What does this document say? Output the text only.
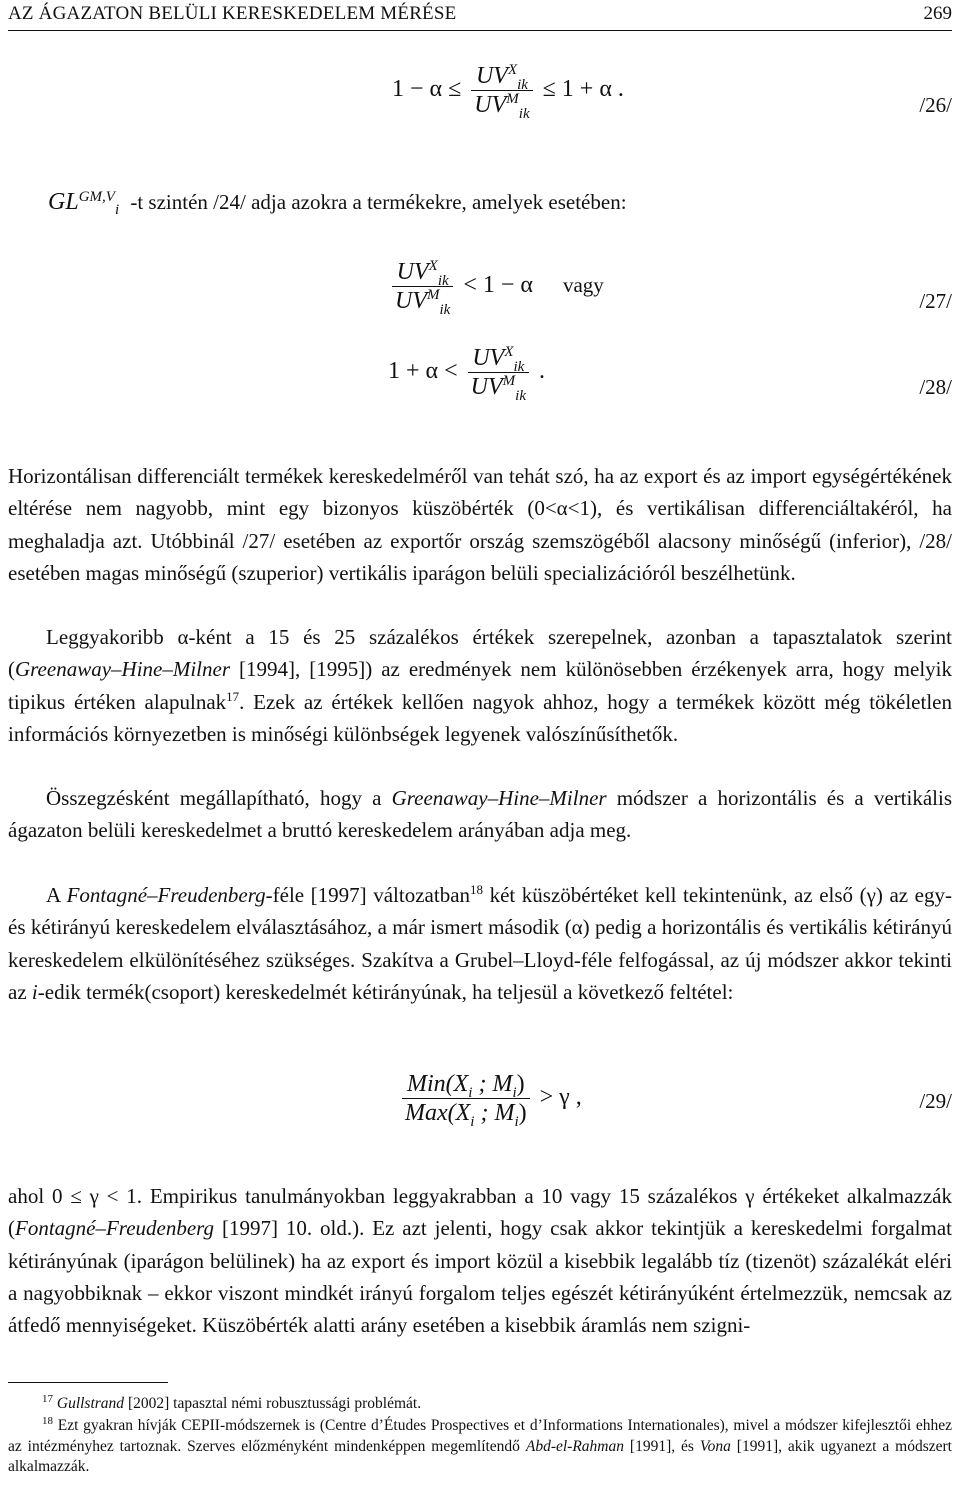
AZ ÁGAZATON BELÜLI KERESKEDELEM MÉRÉSE	269
$1 - \alpha \le \frac{UV^X_{ik}}{UV^M_{ik}} \le 1 + \alpha$ .
/26/
$GL^{GM,V}_i$ -t szintén /24/ adja azokra a termékekre, amelyek esetében:
$\frac{UV^X_{ik}}{UV^M_{ik}} < 1 - \alpha$ vagy
/27/
$1 + \alpha < \frac{UV^X_{ik}}{UV^M_{ik}}$ .
/28/
Horizontálisan differenciált termékek kereskedelméről van tehát szó, ha az export és az import egységértékének eltérése nem nagyobb, mint egy bizonyos küszöbérték (0<α<1), és vertikálisan differenciáltakéról, ha meghaladja azt. Utóbbinál /27/ esetében az exportőr ország szemszögéből alacsony minőségű (inferior), /28/ esetében magas minőségű (szuperior) vertikális iparágon belüli specializációról beszélhetünk.
Leggyakoribb α-ként a 15 és 25 százalékos értékek szerepelnek, azonban a tapasztalatok szerint (Greenaway–Hine–Milner [1994], [1995]) az eredmények nem különösebben érzékenyek arra, hogy melyik tipikus értéken alapulnak$^{17}$. Ezek az értékek kellően nagyok ahhoz, hogy a termékek között még tökéletlen információs környezetben is minőségi különbségek legyenek valószínűsíthetők.
Összegzésként megállapítható, hogy a Greenaway–Hine–Milner módszer a horizontális és a vertikális ágazaton belüli kereskedelmet a bruttó kereskedelem arányában adja meg.
A Fontagné–Freudenberg-féle [1997] változatban$^{18}$ két küszöbértéket kell tekintenünk, az első (γ) az egy- és kétirányú kereskedelem elválasztásához, a már ismert második (α) pedig a horizontális és vertikális kétirányú kereskedelem elkülönítéséhez szükséges. Szakítva a Grubel–Lloyd-féle felfogással, az új módszer akkor tekinti az i-edik termék(csoport) kereskedelmét kétirányúnak, ha teljesül a következő feltétel:
$\frac{Min(X_i ; M_i)}{Max(X_i ; M_i)} > \gamma$ ,	/29/
ahol 0 ≤ γ < 1. Empirikus tanulmányokban leggyakrabban a 10 vagy 15 százalékos γ értékeket alkalmazzák (Fontagné–Freudenberg [1997] 10. old.). Ez azt jelenti, hogy csak akkor tekintjük a kereskedelmi forgalmat kétirányúnak (iparágon belülinek) ha az export és import közül a kisebbik legalább tíz (tizenöt) százalékát eléri a nagyobbiknak – ekkor viszont mindkét irányú forgalom teljes egészét kétirányúként értelmezzük, nemcsak az átfedő mennyiségeket. Küszöbérték alatti arány esetében a kisebbik áramlás nem szigni-
$^{17}$ Gullstrand [2002] tapasztal némi robusztussági problémát.
$^{18}$ Ezt gyakran hívják CEPII-módszernek is (Centre d’Études Prospectives et d’Informations Internationales), mivel a módszer kifejlesztői ehhez az intézményhez tartoznak. Szerves előzményként mindenképpen megemlítendő Abd-el-Rahman [1991], és Vona [1991], akik ugyanezt a módszert alkalmazzák.
